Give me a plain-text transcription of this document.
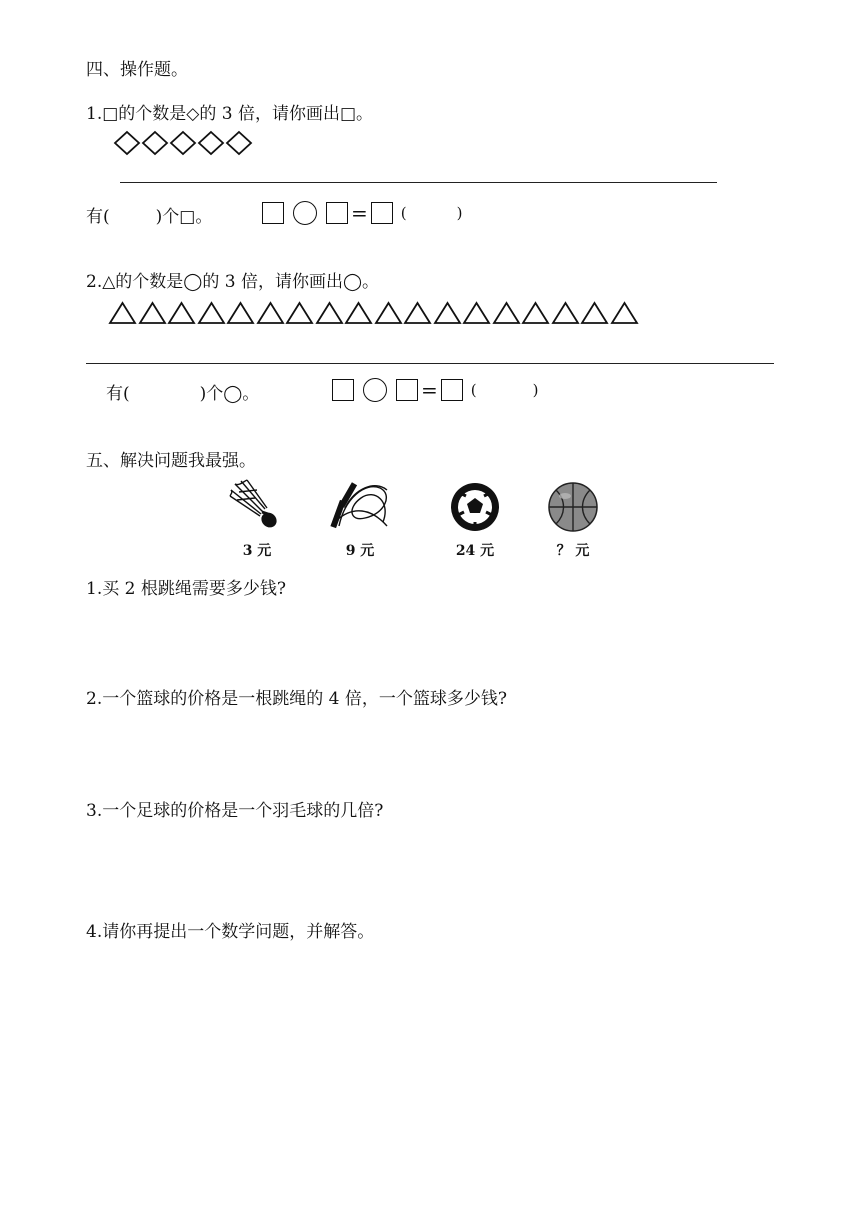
四、操作题。
1.□的个数是◇的 3 倍，请你画出□。
有(	)个□。	= (	)
2.△的个数是◯的 3 倍，请你画出◯。
有(	)个◯。	= (	)
五、解决问题我最强。
3 元	9 元	24 元	？ 元
1.买 2 根跳绳需要多少钱?
2.一个篮球的价格是一根跳绳的 4 倍，一个篮球多少钱?
3.一个足球的价格是一个羽毛球的几倍?
4.请你再提出一个数学问题，并解答。
